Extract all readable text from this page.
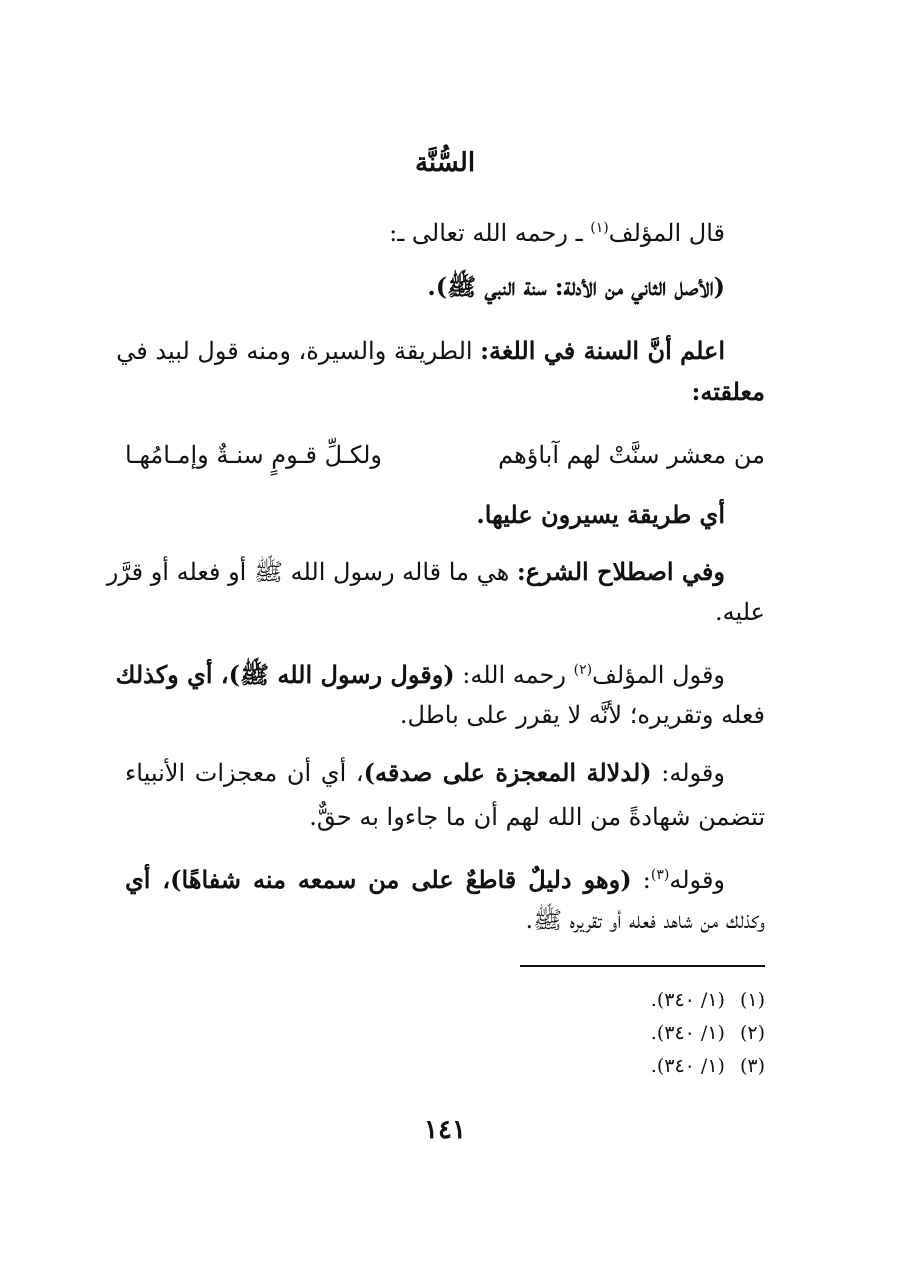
السُّنَّة
قال المؤلف$^{(١)}$ ـ رحمه الله تعالى ـ:
(الأصل الثاني من الأدلة: سنة النبي ﷺ).
اعلم أنَّ السنة في اللغة: الطريقة والسيرة، ومنه قول لبيد في
معلقته:
من معشر سنَّتْ لهم آباؤهم
ولكـلِّ قـومٍ سنـةٌ وإمـامُهـا
أي طريقة يسيرون عليها.
وفي اصطلاح الشرع: هي ما قاله رسول الله ﷺ أو فعله أو قرَّر
عليه.
وقول المؤلف$^{(٢)}$ رحمه الله: (وقول رسول الله ﷺ)، أي وكذلك
فعله وتقريره؛ لأنَّه لا يقرر على باطل.
وقوله: (لدلالة المعجزة على صدقه)، أي أن معجزات الأنبياء
تتضمن شهادةً من الله لهم أن ما جاءوا به حقٌّ.
وقوله$^{(٣)}$: (وهو دليلٌ قاطعٌ على من سمعه منه شفاهًا)، أي
وكذلك من شاهد فعله أو تقريره ﷺ.
(١) (١/ ٣٤٠).
(٢) (١/ ٣٤٠).
(٣) (١/ ٣٤٠).
١٤١
